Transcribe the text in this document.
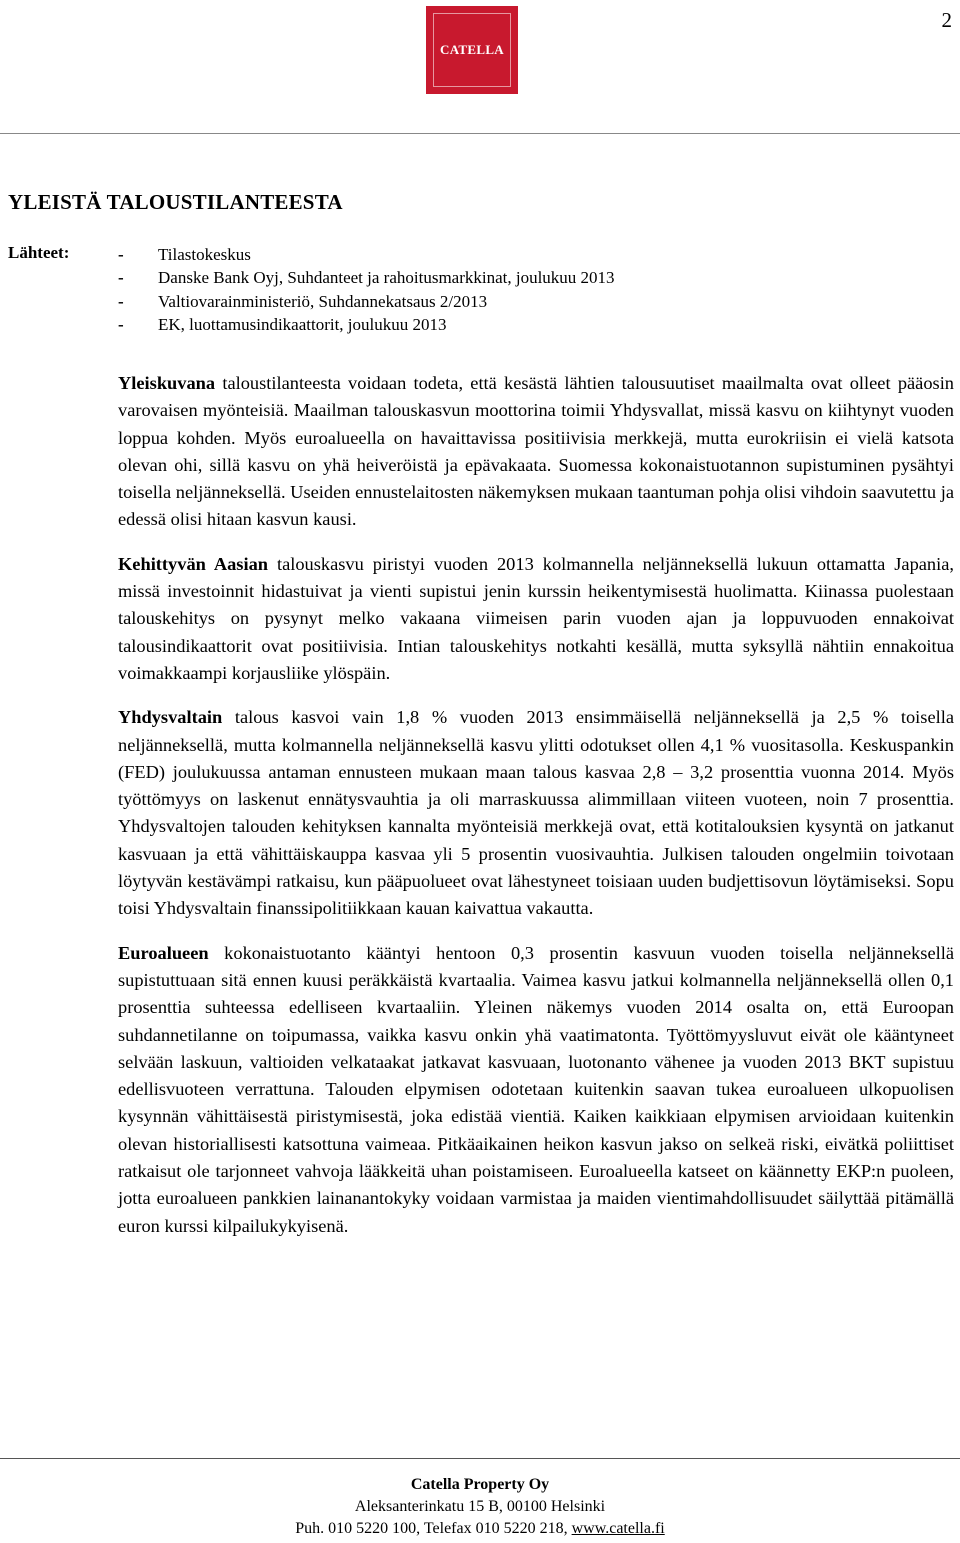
2
CATELLA
YLEISTÄ TALOUSTILANTEESTA
Lähteet:	-	Tilastokeskus
-	Danske Bank Oyj, Suhdanteet ja rahoitusmarkkinat, joulukuu 2013
-	Valtiovarainministeriö, Suhdannekatsaus 2/2013
-	EK, luottamusindikaattorit, joulukuu 2013

Yleiskuvana taloustilanteesta voidaan todeta, että kesästä lähtien talousuutiset maailmalta ovat olleet pääosin varovaisen myönteisiä. Maailman talouskasvun moottorina toimii Yhdysvallat, missä kasvu on kiihtynyt vuoden loppua kohden. Myös euroalueella on havaittavissa positiivisia merkkejä, mutta eurokriisin ei vielä katsota olevan ohi, sillä kasvu on yhä heiveröistä ja epävakaata. Suomessa kokonaistuotannon supistuminen pysähtyi toisella neljänneksellä. Useiden ennustelaitosten näkemyksen mukaan taantuman pohja olisi vihdoin saavutettu ja edessä olisi hitaan kasvun kausi.

Kehittyvän Aasian talouskasvu piristyi vuoden 2013 kolmannella neljänneksellä lukuun ottamatta Japania, missä investoinnit hidastuivat ja vienti supistui jenin kurssin heikentymisestä huolimatta. Kiinassa puolestaan talouskehitys on pysynyt melko vakaana viimeisen parin vuoden ajan ja loppuvuoden ennakoivat talousindikaattorit ovat positiivisia. Intian talouskehitys notkahti kesällä, mutta syksyllä nähtiin ennakoitua voimakkaampi korjausliike ylöspäin.

Yhdysvaltain talous kasvoi vain 1,8 % vuoden 2013 ensimmäisellä neljänneksellä ja 2,5 % toisella neljänneksellä, mutta kolmannella neljänneksellä kasvu ylitti odotukset ollen 4,1 % vuositasolla. Keskuspankin (FED) joulukuussa antaman ennusteen mukaan maan talous kasvaa 2,8 – 3,2 prosenttia vuonna 2014. Myös työttömyys on laskenut ennätysvauhtia ja oli marraskuussa alimmillaan viiteen vuoteen, noin 7 prosenttia. Yhdysvaltojen talouden kehityksen kannalta myönteisiä merkkejä ovat, että kotitalouksien kysyntä on jatkanut kasvuaan ja että vähittäiskauppa kasvaa yli 5 prosentin vuosivauhtia. Julkisen talouden ongelmiin toivotaan löytyvän kestävämpi ratkaisu, kun pääpuolueet ovat lähestyneet toisiaan uuden budjettisovun löytämiseksi. Sopu toisi Yhdysvaltain finanssipolitiikkaan kauan kaivattua vakautta.

Euroalueen kokonaistuotanto kääntyi hentoon 0,3 prosentin kasvuun vuoden toisella neljänneksellä supistuttuaan sitä ennen kuusi peräkkäistä kvartaalia. Vaimea kasvu jatkui kolmannella neljänneksellä ollen 0,1 prosenttia suhteessa edelliseen kvartaaliin. Yleinen näkemys vuoden 2014 osalta on, että Euroopan suhdannetilanne on toipumassa, vaikka kasvu onkin yhä vaatimatonta. Työttömyysluvut eivät ole kääntyneet selvään laskuun, valtioiden velkataakat jatkavat kasvuaan, luotonanto vähenee ja vuoden 2013 BKT supistuu edellisvuoteen verrattuna. Talouden elpymisen odotetaan kuitenkin saavan tukea euroalueen ulkopuolisen kysynnän vähittäisestä piristymisestä, joka edistää vientiä. Kaiken kaikkiaan elpymisen arvioidaan kuitenkin olevan historiallisesti katsottuna vaimeaa. Pitkäaikainen heikon kasvun jakso on selkeä riski, eivätkä poliittiset ratkaisut ole tarjonneet vahvoja lääkkeitä uhan poistamiseen. Euroalueella katseet on käännetty EKP:n puoleen, jotta euroalueen pankkien lainanantokyky voidaan varmistaa ja maiden vientimahdollisuudet säilyttää pitämällä euron kurssi kilpailukykyisenä.

Catella Property Oy
Aleksanterinkatu 15 B, 00100 Helsinki
Puh. 010 5220 100, Telefax 010 5220 218, www.catella.fi
